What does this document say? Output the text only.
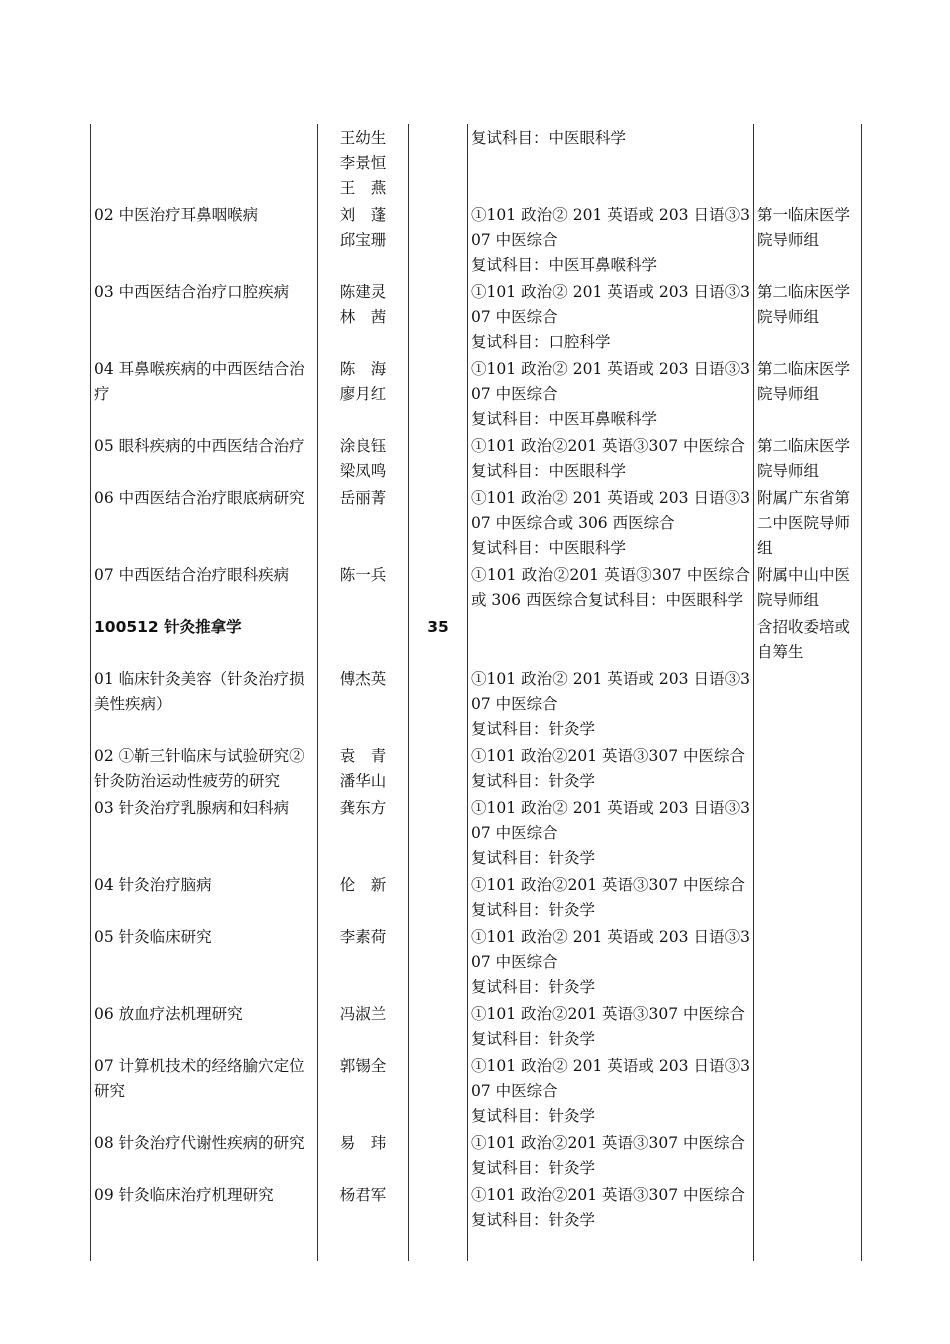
	王幼生
李景恒
王　燕		复试科目：中医眼科学	
02 中医治疗耳鼻咽喉病	刘　蓬
邱宝珊		①101 政治② 201 英语或 203 日语③307 中医综合
复试科目：中医耳鼻喉科学	第一临床医学院导师组
03 中西医结合治疗口腔疾病	陈建灵
林　茜		①101 政治② 201 英语或 203 日语③307 中医综合
复试科目：口腔科学	第二临床医学院导师组
04 耳鼻喉疾病的中西医结合治疗	陈　海
廖月红		①101 政治② 201 英语或 203 日语③307 中医综合
复试科目：中医耳鼻喉科学	第二临床医学院导师组
05 眼科疾病的中西医结合治疗	涂良钰
梁凤鸣		①101 政治②201 英语③307 中医综合
复试科目：中医眼科学	第二临床医学院导师组
06 中西医结合治疗眼底病研究	岳丽菁		①101 政治② 201 英语或 203 日语③307 中医综合或 306 西医综合
复试科目：中医眼科学	附属广东省第二中医院导师组
07 中西医结合治疗眼科疾病	陈一兵		①101 政治②201 英语③307 中医综合或 306 西医综合复试科目：中医眼科学	附属中山中医院导师组
100512 针灸推拿学		35		含招收委培或自筹生
01 临床针灸美容（针灸治疗损美性疾病）	傅杰英		①101 政治② 201 英语或 203 日语③307 中医综合
复试科目：针灸学	
02 ①靳三针临床与试验研究②针灸防治运动性疲劳的研究	袁　青
潘华山		①101 政治②201 英语③307 中医综合
复试科目：针灸学	
03 针灸治疗乳腺病和妇科病	龚东方		①101 政治② 201 英语或 203 日语③307 中医综合
复试科目：针灸学	
04 针灸治疗脑病	伦　新		①101 政治②201 英语③307 中医综合
复试科目：针灸学	
05 针灸临床研究	李素荷		①101 政治② 201 英语或 203 日语③307 中医综合
复试科目：针灸学	
06 放血疗法机理研究	冯淑兰		①101 政治②201 英语③307 中医综合
复试科目：针灸学	
07 计算机技术的经络腧穴定位研究	郭锡全		①101 政治② 201 英语或 203 日语③307 中医综合
复试科目：针灸学	
08 针灸治疗代谢性疾病的研究	易　玮		①101 政治②201 英语③307 中医综合
复试科目：针灸学	
09 针灸临床治疗机理研究	杨君军		①101 政治②201 英语③307 中医综合
复试科目：针灸学	
